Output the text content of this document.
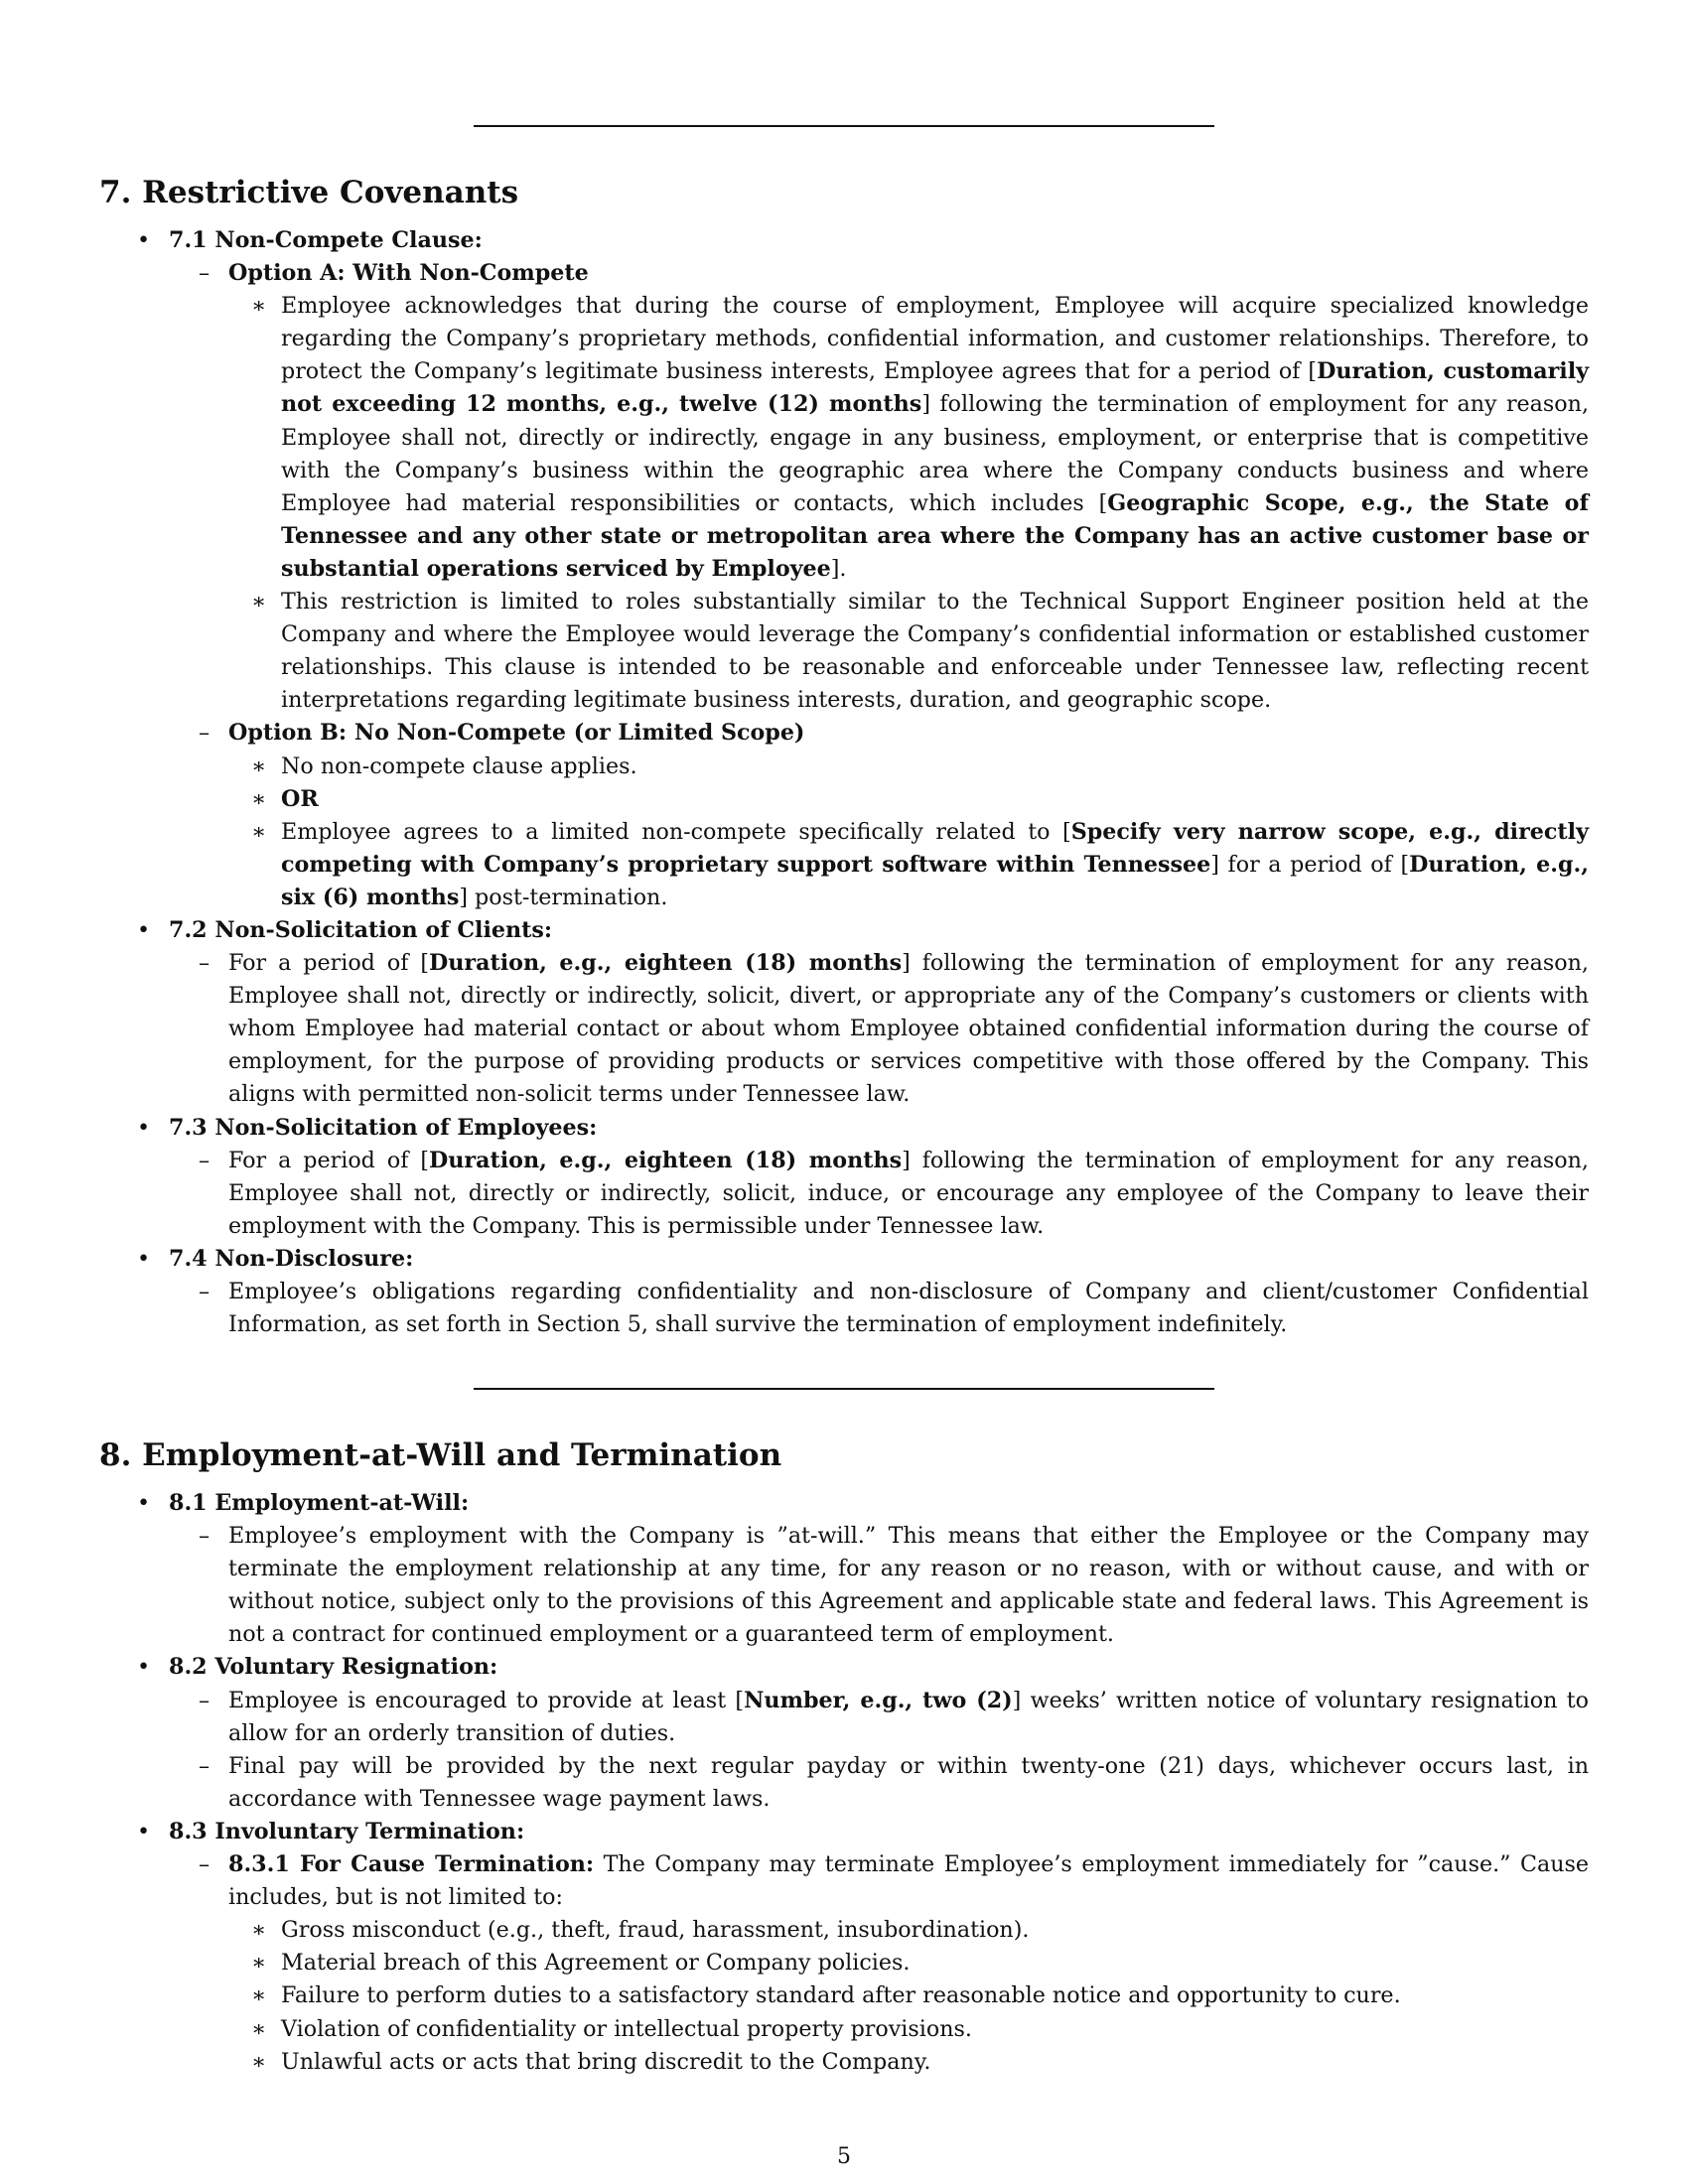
7. Restrictive Covenants
• 7.1 Non-Compete Clause:
– Option A: With Non-Compete
∗ Employee acknowledges that during the course of employment, Employee will acquire specialized knowledge regarding the Company’s proprietary methods, confidential information, and customer relationships. Therefore, to protect the Company’s legitimate business interests, Employee agrees that for a period of [Duration, customarily not exceeding 12 months, e.g., twelve (12) months] following the termination of employment for any reason, Employee shall not, directly or indirectly, engage in any business, employment, or enterprise that is competitive with the Company’s business within the geographic area where the Company conducts business and where Employee had material responsibilities or contacts, which includes [Geographic Scope, e.g., the State of Tennessee and any other state or metropolitan area where the Company has an active customer base or substantial operations serviced by Employee].
∗ This restriction is limited to roles substantially similar to the Technical Support Engineer position held at the Company and where the Employee would leverage the Company’s confidential information or established customer relationships. This clause is intended to be reasonable and enforceable under Tennessee law, reflecting recent interpretations regarding legitimate business interests, duration, and geographic scope.
– Option B: No Non-Compete (or Limited Scope)
∗ No non-compete clause applies.
∗ OR
∗ Employee agrees to a limited non-compete specifically related to [Specify very narrow scope, e.g., directly competing with Company’s proprietary support software within Tennessee] for a period of [Duration, e.g., six (6) months] post-termination.
• 7.2 Non-Solicitation of Clients:
– For a period of [Duration, e.g., eighteen (18) months] following the termination of employment for any reason, Employee shall not, directly or indirectly, solicit, divert, or appropriate any of the Company’s customers or clients with whom Employee had material contact or about whom Employee obtained confidential information during the course of employment, for the purpose of providing products or services competitive with those offered by the Company. This aligns with permitted non-solicit terms under Tennessee law.
• 7.3 Non-Solicitation of Employees:
– For a period of [Duration, e.g., eighteen (18) months] following the termination of employment for any reason, Employee shall not, directly or indirectly, solicit, induce, or encourage any employee of the Company to leave their employment with the Company. This is permissible under Tennessee law.
• 7.4 Non-Disclosure:
– Employee’s obligations regarding confidentiality and non-disclosure of Company and client/customer Confidential Information, as set forth in Section 5, shall survive the termination of employment indefinitely.
8. Employment-at-Will and Termination
• 8.1 Employment-at-Will:
– Employee’s employment with the Company is ”at-will.” This means that either the Employee or the Company may terminate the employment relationship at any time, for any reason or no reason, with or without cause, and with or without notice, subject only to the provisions of this Agreement and applicable state and federal laws. This Agreement is not a contract for continued employment or a guaranteed term of employment.
• 8.2 Voluntary Resignation:
– Employee is encouraged to provide at least [Number, e.g., two (2)] weeks’ written notice of voluntary resignation to allow for an orderly transition of duties.
– Final pay will be provided by the next regular payday or within twenty-one (21) days, whichever occurs last, in accordance with Tennessee wage payment laws.
• 8.3 Involuntary Termination:
– 8.3.1 For Cause Termination: The Company may terminate Employee’s employment immediately for ”cause.” Cause includes, but is not limited to:
∗ Gross misconduct (e.g., theft, fraud, harassment, insubordination).
∗ Material breach of this Agreement or Company policies.
∗ Failure to perform duties to a satisfactory standard after reasonable notice and opportunity to cure.
∗ Violation of confidentiality or intellectual property provisions.
∗ Unlawful acts or acts that bring discredit to the Company.
5
